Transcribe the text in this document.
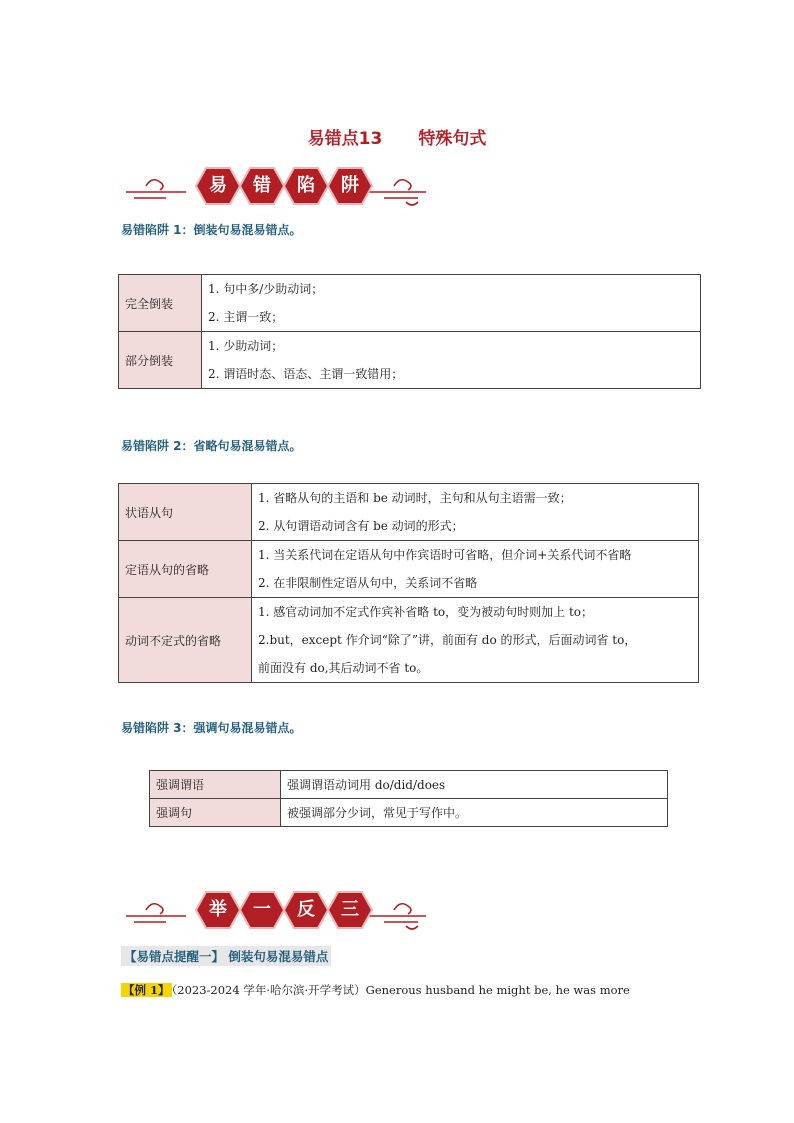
易错点13 特殊句式
易	错	陷	阱
易错陷阱 1：倒装句易混易错点。
完全倒装	1. 句中多/少助动词；
2. 主谓一致；

部分倒装	1. 少助动词；
2. 谓语时态、语态、主谓一致错用；
易错陷阱 2：省略句易混易错点。
状语从句	1. 省略从句的主语和 be 动词时，主句和从句主语需一致；
2. 从句谓语动词含有 be 动词的形式；

定语从句的省略	1. 当关系代词在定语从句中作宾语时可省略，但介词+关系代词不省略
2. 在非限制性定语从句中，关系词不省略

动词不定式的省略	1. 感官动词加不定式作宾补省略 to，变为被动句时则加上 to；
2.but，except 作介词“除了”讲，前面有 do 的形式，后面动词省 to，
前面没有 do,其后动词不省 to。
易错陷阱 3：强调句易混易错点。
强调谓语	强调谓语动词用 do/did/does
强调句	被强调部分少词，常见于写作中。
举	一	反	三
【易错点提醒一】 倒装句易混易错点
【例 1】 （2023-2024 学年·哈尔滨·开学考试）Generous husband he might be, he was more
